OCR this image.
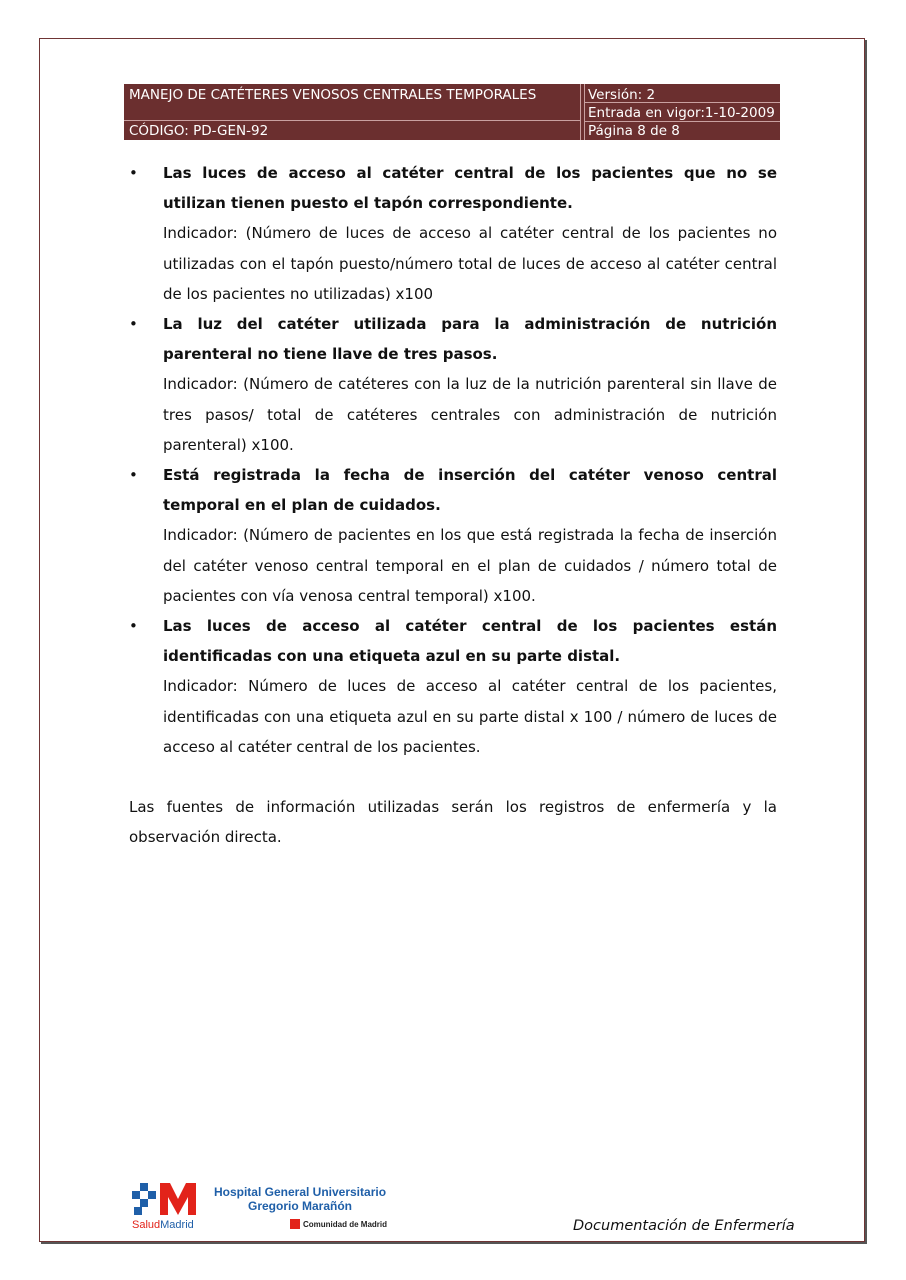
MANEJO DE CATÉTERES VENOSOS CENTRALES TEMPORALES
CÓDIGO: PD-GEN-92
Versión: 2
Entrada en vigor:1-10-2009
Página 8 de 8
• Las luces de acceso al catéter central de los pacientes que no se utilizan tienen puesto el tapón correspondiente.
Indicador: (Número de luces de acceso al catéter central de los pacientes no utilizadas con el tapón puesto/número total de luces de acceso al catéter central de los pacientes no utilizadas) x100
• La luz del catéter utilizada para la administración de nutrición parenteral no tiene llave de tres pasos.
Indicador: (Número de catéteres con la luz de la nutrición parenteral sin llave de tres pasos/ total de catéteres centrales con administración de nutrición parenteral) x100.
• Está registrada la fecha de inserción del catéter venoso central temporal en el plan de cuidados.
Indicador: (Número de pacientes en los que está registrada la fecha de inserción del catéter venoso central temporal en el plan de cuidados / número total de pacientes con vía venosa central temporal) x100.
• Las luces de acceso al catéter central de los pacientes están identificadas con una etiqueta azul en su parte distal.
Indicador: Número de luces de acceso al catéter central de los pacientes, identificadas con una etiqueta azul en su parte distal x 100 / número de luces de acceso al catéter central de los pacientes.

Las fuentes de información utilizadas serán los registros de enfermería y la observación directa.

Hospital General Universitario
Gregorio Marañón
SaludMadrid	Comunidad de Madrid	Documentación de Enfermería
